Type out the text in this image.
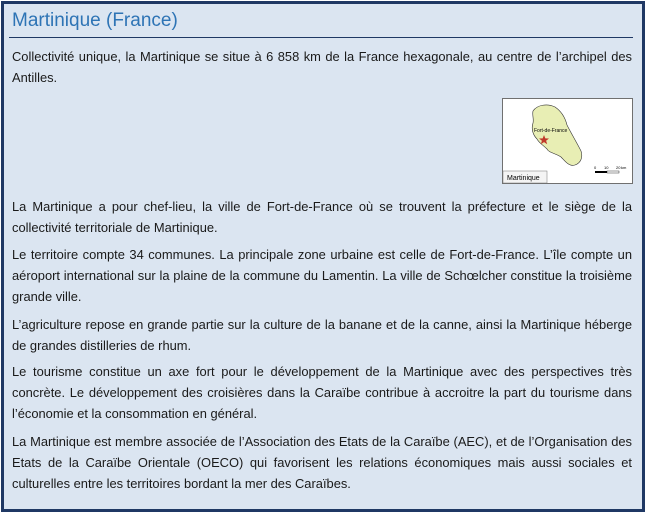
Martinique (France)

Collectivité unique, la Martinique se situe à 6 858 km de la France hexagonale, au centre de l’archipel des Antilles.

Fort-de-France
0 10 20 km
Martinique

La Martinique a pour chef-lieu, la ville de Fort-de-France où se trouvent la préfecture et le siège de la collectivité territoriale de Martinique.

Le territoire compte 34 communes. La principale zone urbaine est celle de Fort-de-France. L’île compte un aéroport international sur la plaine de la commune du Lamentin. La ville de Schœlcher constitue la troisième grande ville.

L’agriculture repose en grande partie sur la culture de la banane et de la canne, ainsi la Martinique héberge de grandes distilleries de rhum.

Le tourisme constitue un axe fort pour le développement de la Martinique avec des perspectives très concrète. Le développement des croisières dans la Caraïbe contribue à accroitre la part du tourisme dans l’économie et la consommation en général.

La Martinique est membre associée de l’Association des Etats de la Caraïbe (AEC), et de l’Organisation des Etats de la Caraïbe Orientale (OECO) qui favorisent les relations économiques mais aussi sociales et culturelles entre les territoires bordant la mer des Caraïbes.
